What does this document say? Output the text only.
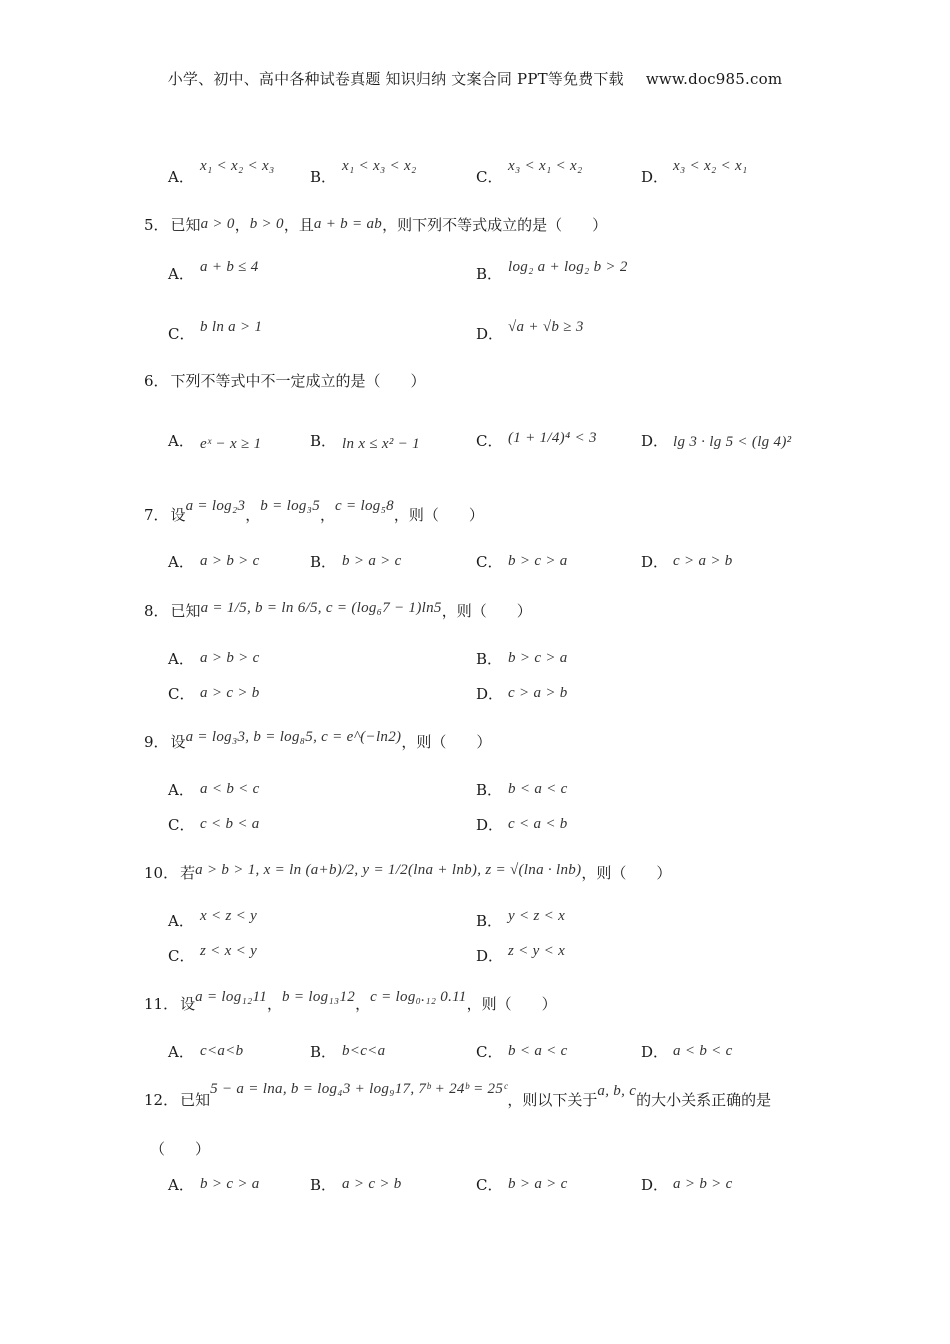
小学、初中、高中各种试卷真题 知识归纳 文案合同 PPT等免费下载 www.doc985.com
A．x₁ < x₂ < x₃
B．x₁ < x₃ < x₂
C．x₃ < x₁ < x₂
D．x₃ < x₂ < x₁
5． 已知a > 0，b > 0，且a + b = ab，则下列不等式成立的是（　　）
A． a + b ≤ 4	B． log₂ a + log₂ b > 2
C． b ln a > 1	D． √a + √b ≥ 3
6． 下列不等式中不一定成立的是（　　）
A． eˣ − x ≥ 1	B． ln x ≤ x² − 1	C． (1 + 1/4)⁴ < 3	D． lg 3 · lg 5 < (lg 4)²
7． 设a = log₂3，b = log₃5，c = log₅8，则（　　）
A． a > b > c	B． b > a > c	C． b > c > a	D． c > a > b
8． 已知a = 1/5, b = ln 6/5, c = (log₆7 − 1)ln5，则（　　）
A． a > b > c	B． b > c > a
C． a > c > b	D． c > a > b
9． 设a = log₃3, b = log₈5, c = e^(−ln2)，则（　　）
A． a < b < c	B． b < a < c
C． c < b < a	D． c < a < b
10． 若a > b > 1, x = ln (a+b)/2, y = 1/2(lna + lnb), z = √(lna · lnb)，则（　　）
A． x < z < y	B． y < z < x
C． z < x < y	D． z < y < x
11． 设a = log₁₂11，b = log₁₃12，c = log₀.₁₂ 0.11，则（　　）
A． c<a<b	B． b<c<a	C． b < a < c	D． a < b < c
12． 已知5 − a = lna, b = log₄3 + log₉17, 7ᵇ + 24ᵇ = 25ᶜ，则以下关于a, b, c的大小关系正确的是
（　　）
A． b > c > a	B． a > c > b	C． b > a > c	D． a > b > c
